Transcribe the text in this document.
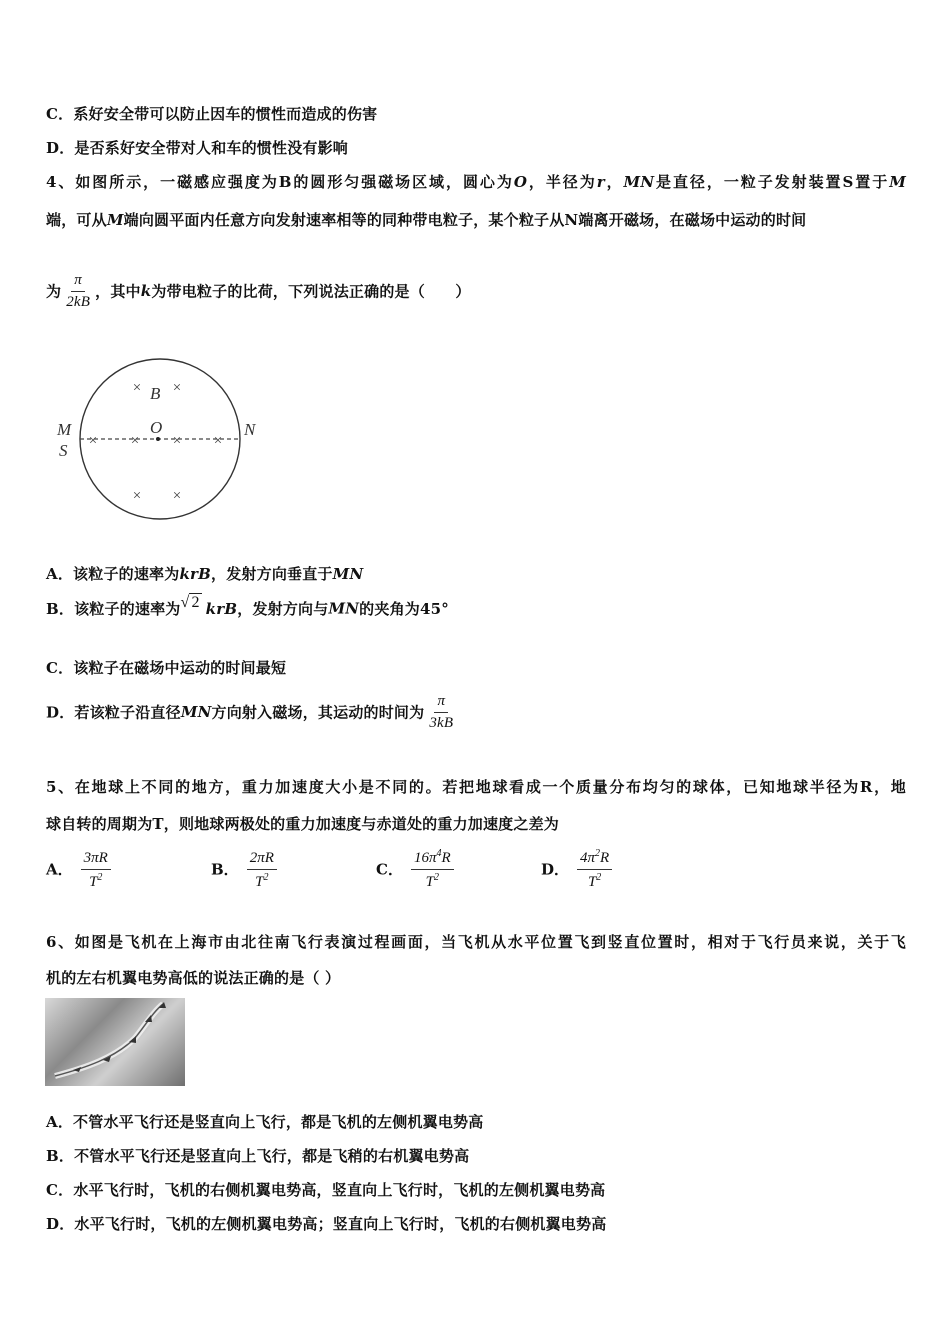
C．系好安全带可以防止因车的惯性而造成的伤害
D．是否系好安全带对人和车的惯性没有影响
4、如图所示，一磁感应强度为B的圆形匀强磁场区域，圆心为O，半径为r，MN是直径，一粒子发射装置S置于M
端，可从M端向圆平面内任意方向发射速率相等的同种带电粒子，某个粒子从N端离开磁场，在磁场中运动的时间
为 $\frac{\pi}{2kB}$ ，其中k为带电粒子的比荷，下列说法正确的是（　　）
× ×
× × × ×
× ×
B
O
M
S
N
A．该粒子的速率为krB，发射方向垂直于MN
B．该粒子的速率为√ 2 krB，发射方向与MN的夹角为45°
C．该粒子在磁场中运动的时间最短
D．若该粒子沿直径MN方向射入磁场，其运动的时间为 $\frac{\pi}{3kB}$
5、在地球上不同的地方，重力加速度大小是不同的。若把地球看成一个质量分布均匀的球体，已知地球半径为R，地
球自转的周期为T，则地球两极处的重力加速度与赤道处的重力加速度之差为
A． $\frac{3\pi R}{T^2}$	B． $\frac{2\pi R}{T^2}$	C． $\frac{16\pi^4R}{T^2}$	D． $\frac{4\pi^2R}{T^2}$
6、如图是飞机在上海市由北往南飞行表演过程画面，当飞机从水平位置飞到竖直位置时，相对于飞行员来说，关于飞
机的左右机翼电势高低的说法正确的是（ ）
A．不管水平飞行还是竖直向上飞行，都是飞机的左侧机翼电势高
B．不管水平飞行还是竖直向上飞行，都是飞稍的右机翼电势高
C．水平飞行时，飞机的右侧机翼电势高，竖直向上飞行时，飞机的左侧机翼电势高
D．水平飞行时，飞机的左侧机翼电势高；竖直向上飞行时，飞机的右侧机翼电势高
